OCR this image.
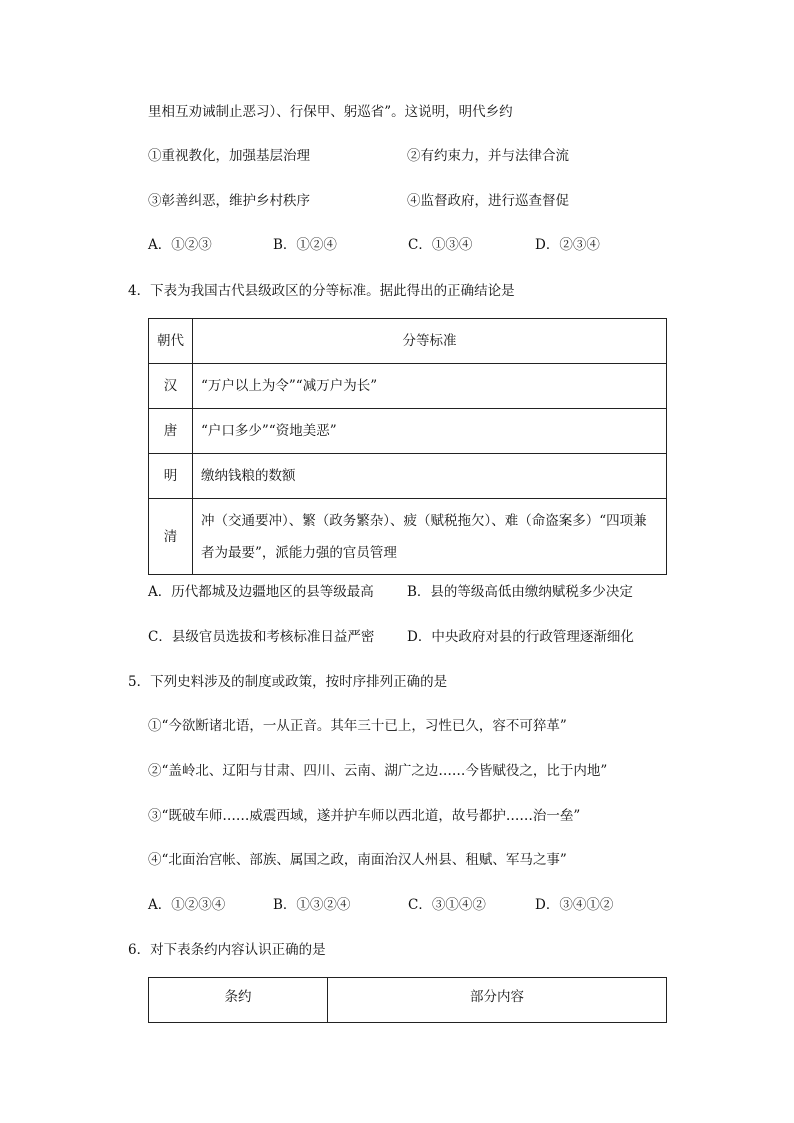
里相互劝诫制止恶习）、行保甲、躬巡省”。这说明，明代乡约
①重视教化，加强基层治理	②有约束力，并与法律合流
③彰善纠恶，维护乡村秩序	④监督政府，进行巡查督促
A．①②③	B．①②④	C．①③④	D．②③④
4．下表为我国古代县级政区的分等标准。据此得出的正确结论是
朝代	分等标准
汉	“万户以上为令”“减万户为长”
唐	“户口多少”“资地美恶”
明	缴纳钱粮的数额
清	冲（交通要冲）、繁（政务繁杂）、疲（赋税拖欠）、难（命盗案多）“四项兼
者为最要”，派能力强的官员管理
A．历代都城及边疆地区的县等级最高 B．县的等级高低由缴纳赋税多少决定
C．县级官员选拔和考核标准日益严密 D．中央政府对县的行政管理逐渐细化
5．下列史料涉及的制度或政策，按时序排列正确的是
①“今欲断诸北语，一从正音。其年三十已上，习性已久，容不可猝革”
②“盖岭北、辽阳与甘肃、四川、云南、湖广之边……今皆赋役之，比于内地”
③“既破车师……威震西域，遂并护车师以西北道，故号都护……治一垒”
④“北面治宫帐、部族、属国之政，南面治汉人州县、租赋、军马之事”
A．①②③④	B．①③②④	C．③①④②	D．③④①②
6．对下表条约内容认识正确的是
条约	部分内容
